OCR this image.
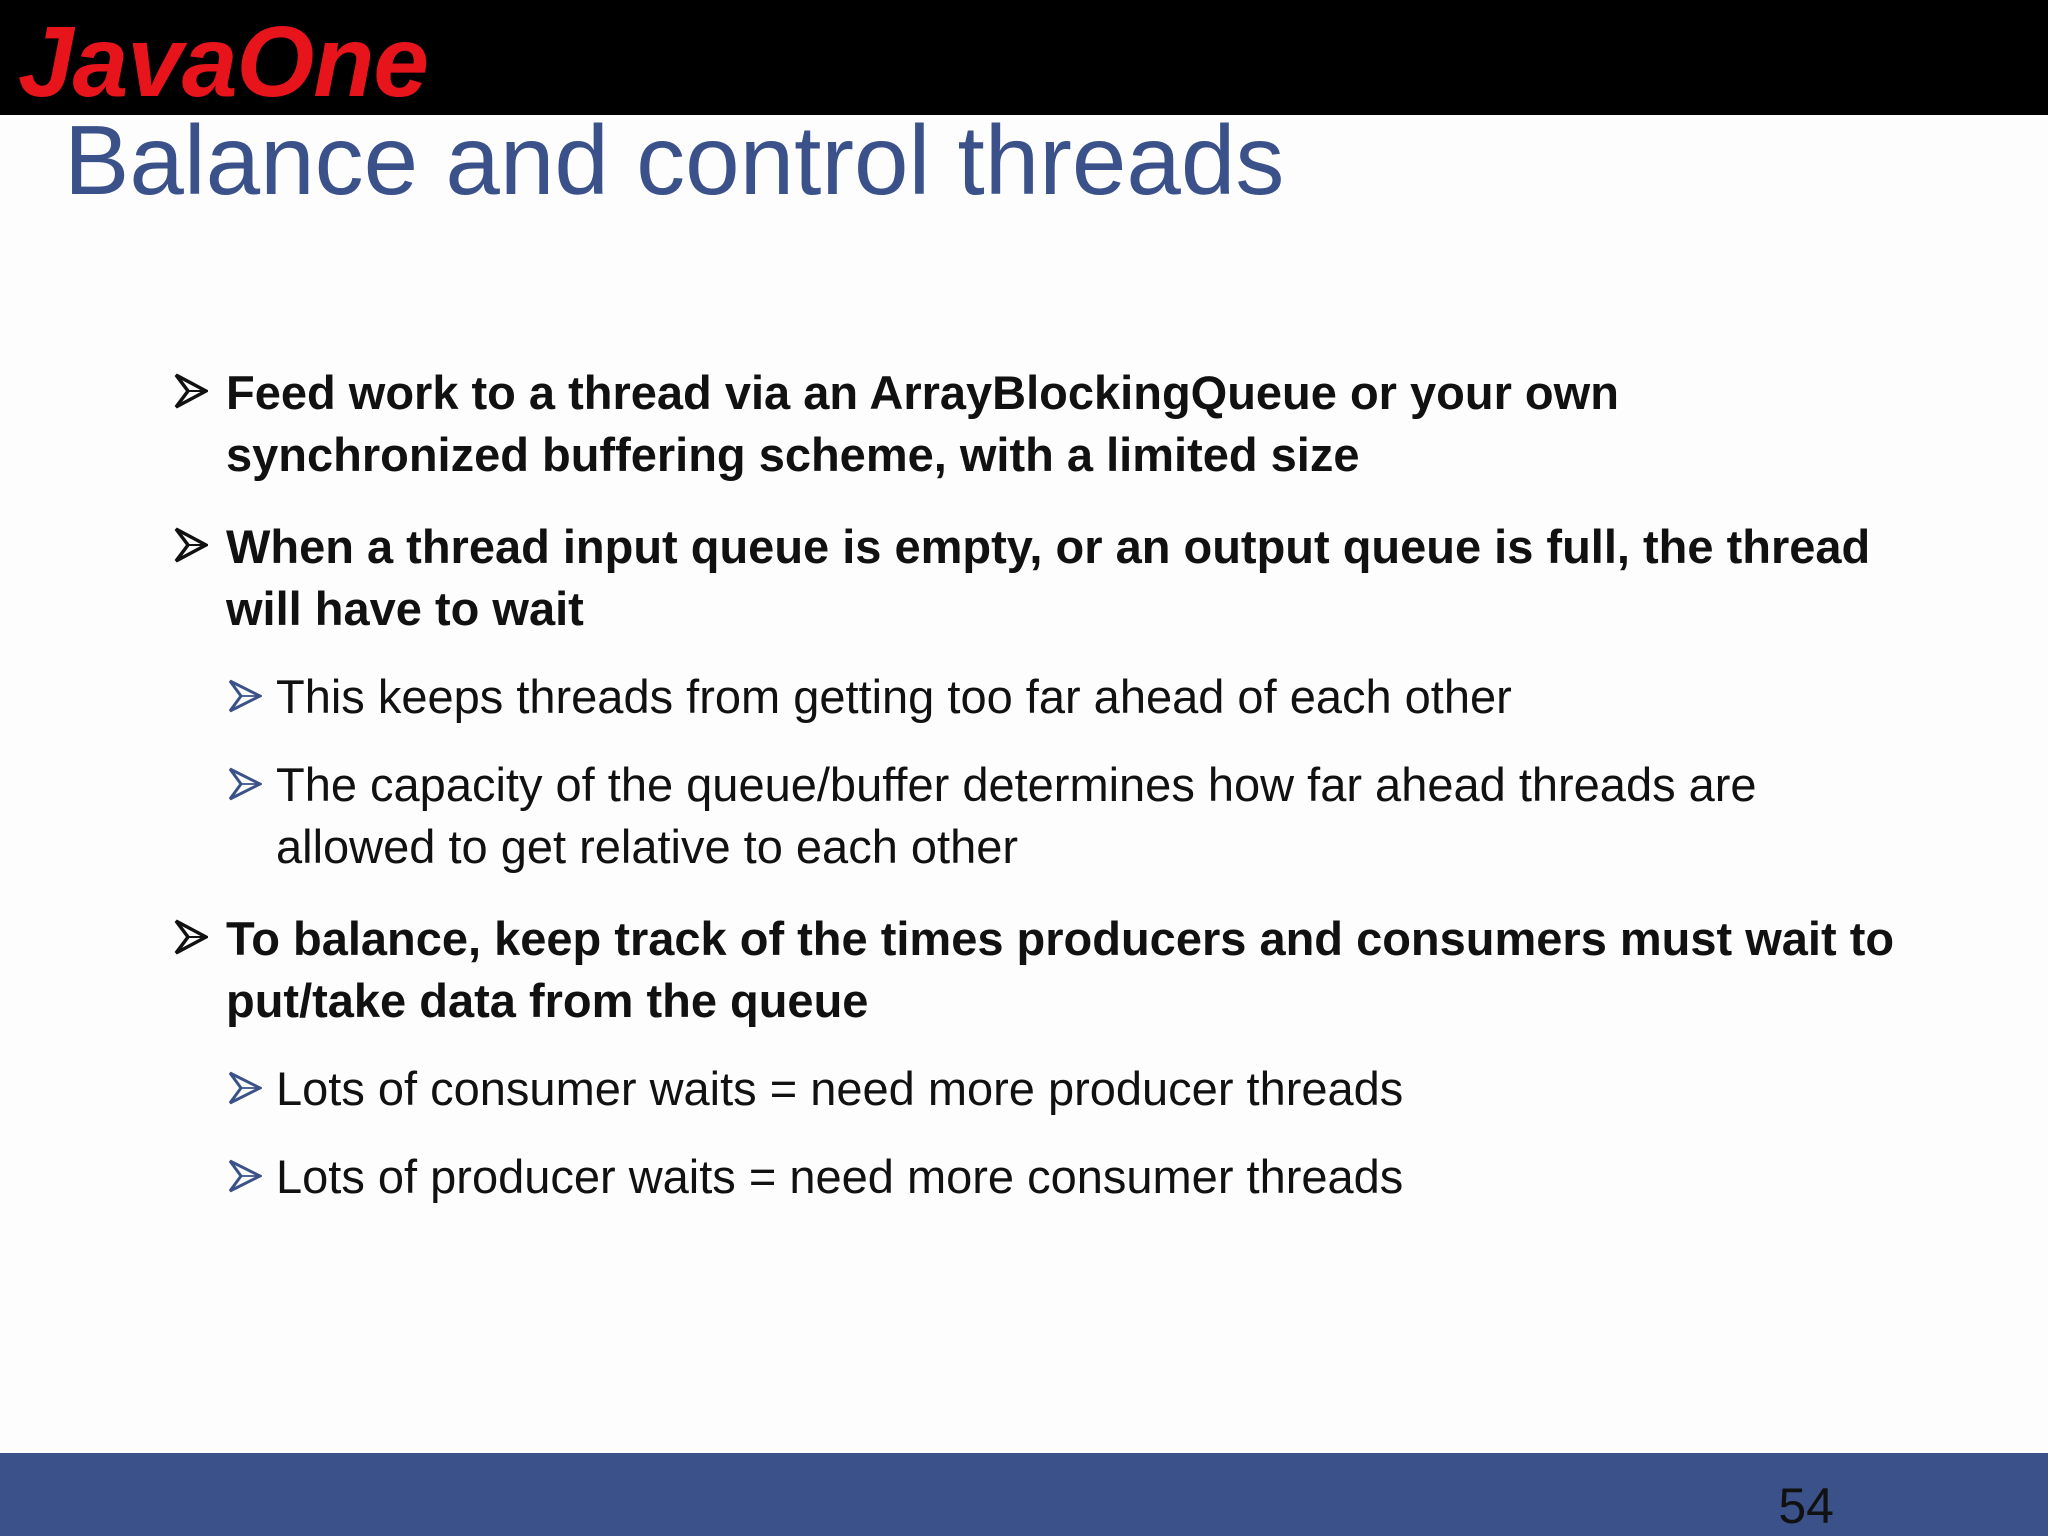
JavaOne
Balance and control threads
Feed work to a thread via an ArrayBlockingQueue or your own synchronized buffering scheme, with a limited size
When a thread input queue is empty, or an output queue is full, the thread will have to wait
This keeps threads from getting too far ahead of each other
The capacity of the queue/buffer determines how far ahead threads are allowed to get relative to each other
To balance, keep track of the times producers and consumers must wait to put/take data from the queue
Lots of consumer waits = need more producer threads
Lots of producer waits = need more consumer threads
54
